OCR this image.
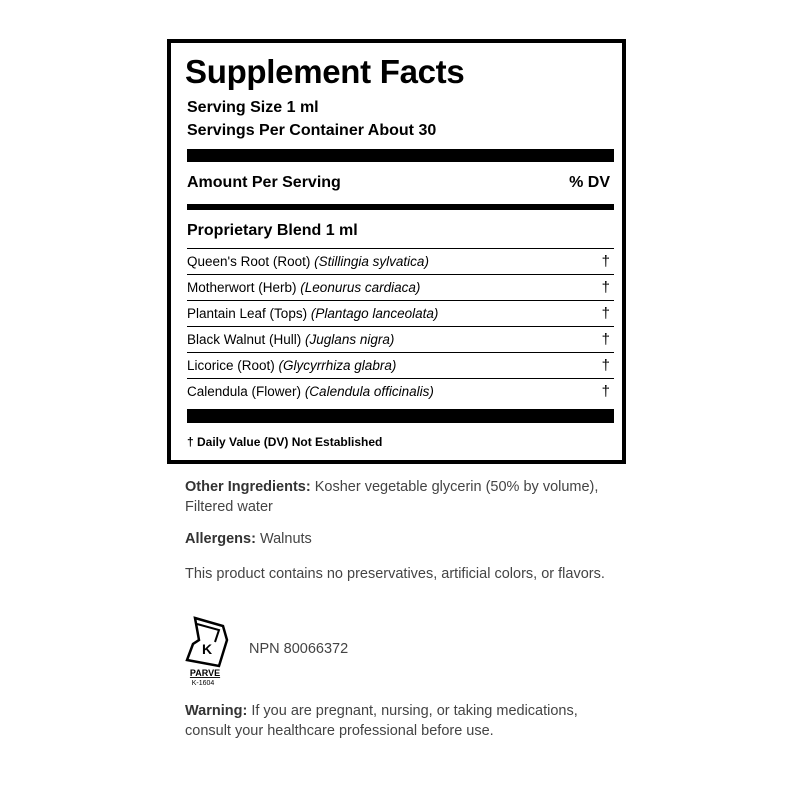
Supplement Facts
Serving Size 1 ml
Servings Per Container About 30
Amount Per Serving	% DV
Proprietary Blend 1 ml
Queen's Root (Root) (Stillingia sylvatica)	†
Motherwort (Herb) (Leonurus cardiaca)	†
Plantain Leaf (Tops) (Plantago lanceolata)	†
Black Walnut (Hull) (Juglans nigra)	†
Licorice (Root) (Glycyrrhiza glabra)	†
Calendula (Flower) (Calendula officinalis)	†
† Daily Value (DV) Not Established
Other Ingredients: Kosher vegetable glycerin (50% by volume), Filtered water
Allergens: Walnuts
This product contains no preservatives, artificial colors, or flavors.
K
PARVE
K-1604
NPN 80066372
Warning: If you are pregnant, nursing, or taking medications, consult your healthcare professional before use.
